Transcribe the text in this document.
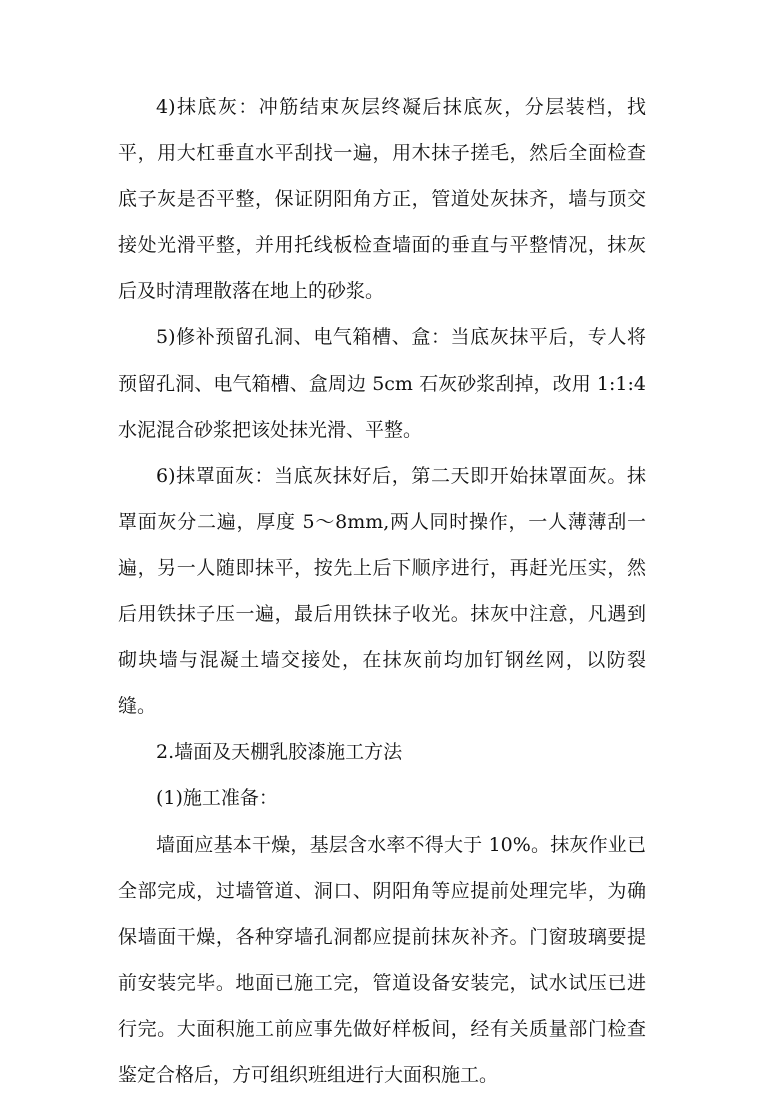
4)抹底灰：冲筋结束灰层终凝后抹底灰，分层装档，找平，用大杠垂直水平刮找一遍，用木抹子搓毛，然后全面检查底子灰是否平整，保证阴阳角方正，管道处灰抹齐，墙与顶交接处光滑平整，并用托线板检查墙面的垂直与平整情况，抹灰后及时清理散落在地上的砂浆。

5)修补预留孔洞、电气箱槽、盒：当底灰抹平后，专人将预留孔洞、电气箱槽、盒周边 5cm 石灰砂浆刮掉，改用 1:1:4 水泥混合砂浆把该处抹光滑、平整。

6)抹罩面灰：当底灰抹好后，第二天即开始抹罩面灰。抹罩面灰分二遍，厚度 5～8mm,两人同时操作，一人薄薄刮一遍，另一人随即抹平，按先上后下顺序进行，再赶光压实，然后用铁抹子压一遍，最后用铁抹子收光。抹灰中注意，凡遇到砌块墙与混凝土墙交接处，在抹灰前均加钉钢丝网，以防裂缝。

2.墙面及天棚乳胶漆施工方法

(1)施工准备：

墙面应基本干燥，基层含水率不得大于 10%。抹灰作业已全部完成，过墙管道、洞口、阴阳角等应提前处理完毕，为确保墙面干燥，各种穿墙孔洞都应提前抹灰补齐。门窗玻璃要提前安装完毕。地面已施工完，管道设备安装完，试水试压已进行完。大面积施工前应事先做好样板间，经有关质量部门检查鉴定合格后，方可组织班组进行大面积施工。
